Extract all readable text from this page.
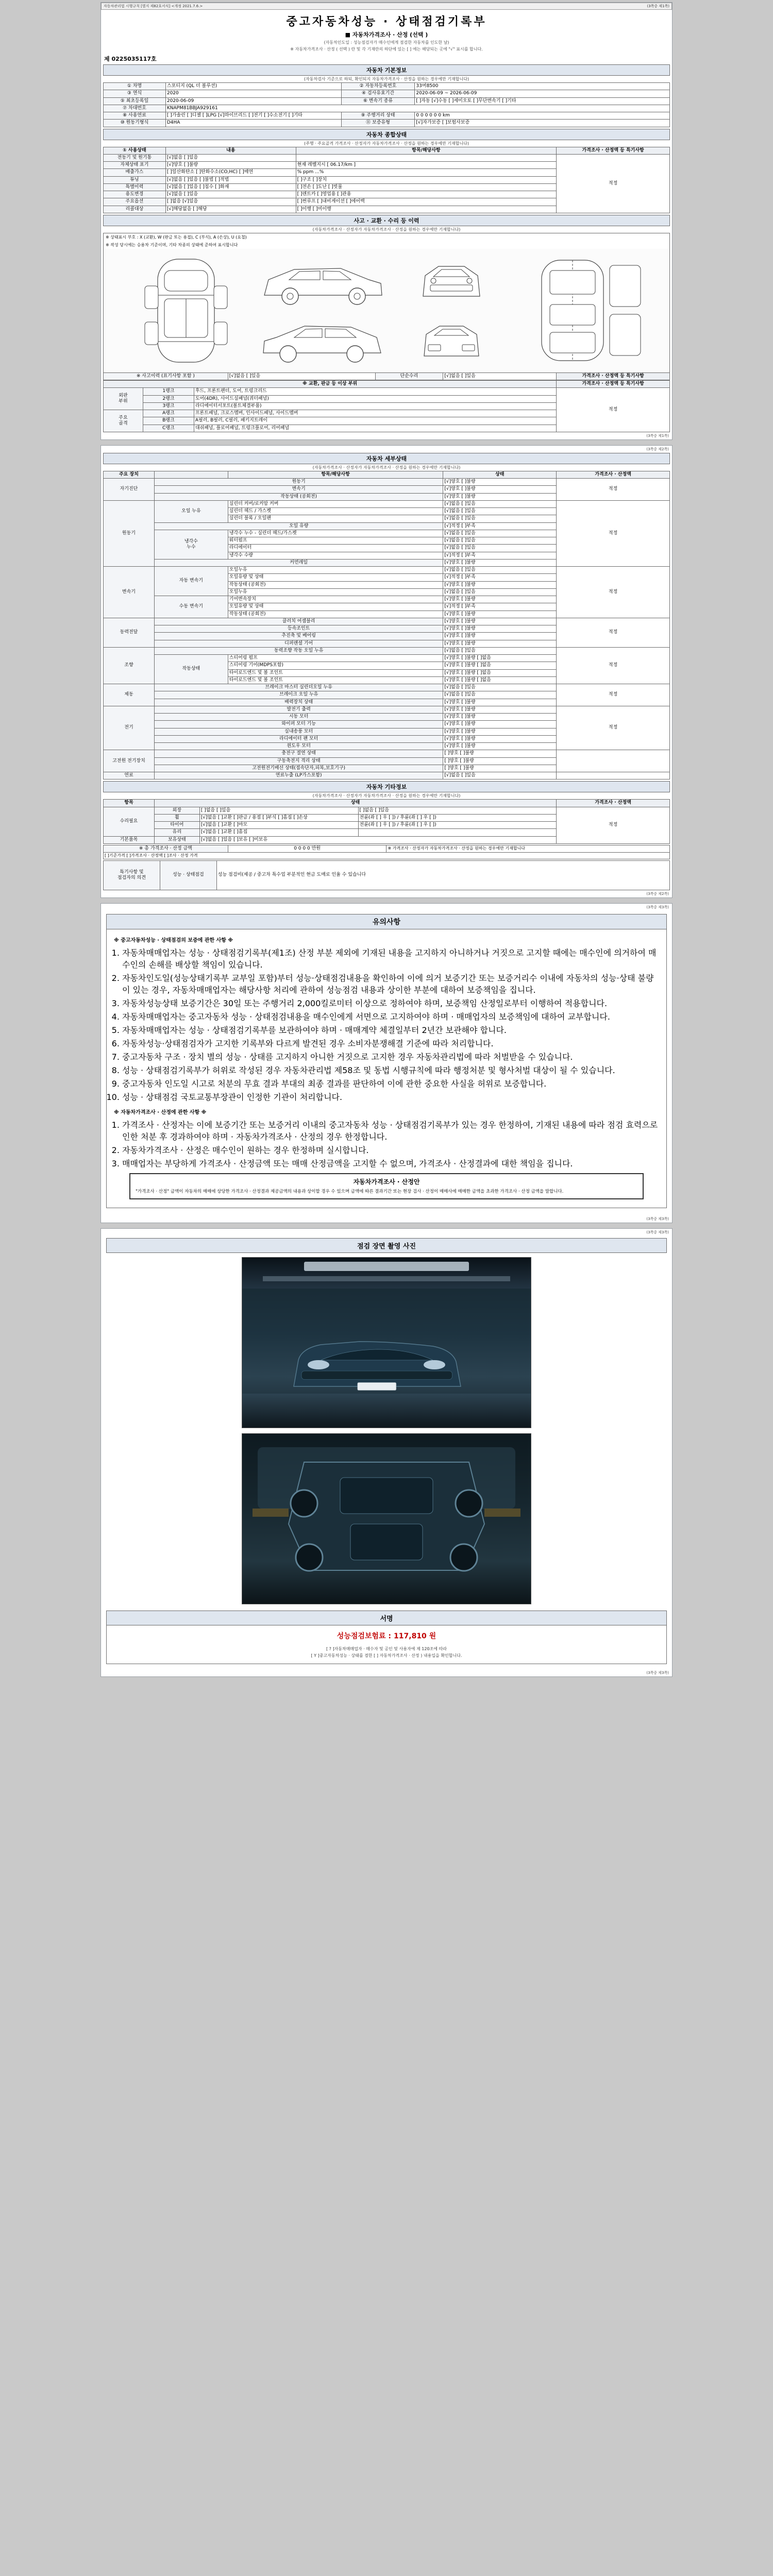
자동차관리법 시행규칙 [별지 제82호서식] <개정 2021.7.6.>	(3쪽중 제1쪽)
중고자동차성능 · 상태점검기록부
■ 자동차가격조사 · 산정 (선택 )
(자동차인도일 : 성능점검자가 매수인에게 점검한 자동차를 인도한 날)
※ 자동차가격조사 · 산정 ( 선택 ) 란 및 각 기재란의 하단에 있는 [ ] 에는 해당되는 곳에 "√" 표시를 합니다.
제 0225035117호
자동차 기본정보
(자동차검사 기준으로 하되, 확인되지 자동차가격조사 · 산정을 원하는 경우에만 기재합니다)
① 차명	스포티지 (QL 더 볼루션)	② 자동차등록번호	33머8500
③ 연식	2020	④ 검사유효기간	2020-06-09 ~ 2026-06-09
⑤ 최초등록일	2020-06-09	⑥ 변속기 종류	[ ]자동 [√]수동 [ ]세미오토 [ ]무단변속기 [ ]기타
⑦ 차대번호	KNAPM81BBJA929161		
⑧ 사용연료	[ ]가솔린 [ ]디젤 [ ]LPG [√]하이브리드 [ ]전기 [ ]수소전기 [ ]기타	⑨ 주행거리 상태	0 0 0 0 0 0 km
⑩ 원동기형식	D4HA	⑪ 보증유형	[√]자가보증 [ ]보험사보증
자동차 종합상태
(주행 · 주요골격 가격조사 · 산정자가 자동차가격조사 · 산정을 원하는 경우에만 기재합니다)
① 사용상태	내용	항목/해당사항	가격조사 · 산정액 등 특기사항
전동기 및 원기통	[√]없음 [ ]있음		적정
자체상태 표기	[√]양호 [ ]불량	현재 레벨지시 [ 06.17/km ]	
배출가스	[ ]일산화탄소 [ ]탄화수소(CO,HC) [ ]매연	% ppm ...%	
튜닝	[√]없음 [ ]있음 [ ]불법 [ ]적법	[ ]구조 [ ]장치	
특별이력	[√]없음 [ ]있음 [ ]침수 [ ]화재	[ ]전손 [ ]도난 [ ]빗물	
용도변경	[√]없음 [ ]있음	[ ]렌트카 [ ]영업용 [ ]관용	
주요옵션	[ ]없음 [√]있음	[ ]썬루프 [ ]내비게이션 [ ]에어백	
리콜대상	[√]해당없음 [ ]해당	[ ]이행 [ ]미이행	
사고 · 교환 · 수리 등 이력
(자동차가격조사 · 산정자가 자동차가격조사 · 산정을 원하는 경우에만 기재합니다)
※ 상태표시 부호 : X (교환), W (판금 또는 용접), C (부식), A (손상), U (요철)
※ 작성 당시에는 승용차 기준이며, 기타 차종의 상태에 준하여 표시합니다
※ 사고이력 (표기사항 포함 )	[√]없음 [ ]있음	단순수리	[√]없음 [ ]있음	가격조사 · 산정액 등 특기사항
※ 교환, 판금 등 이상 부위			가격조사 · 산정액 등 특기사항
외판
부위	1랭크	후드, 프론트팬더, 도어, 트렁크리드	적정
	2랭크	도어(4DR), 사이드실패널(쿼터패널)	
	3랭크	라디에이터서포트(볼트체결부품)	
주요
골격	A랭크	프론트패널, 크로스멤버, 인사이드패널, 사이드멤버	
	B랭크	A필러, B필러, C필러, 패키지트레이	
	C랭크	대쉬패널, 플로어패널, 트렁크플로어, 리어패널	
(3쪽중 제1쪽)
(3쪽중 제2쪽)
자동차 세부상태
(자동차가격조사 · 산정자가 자동차가격조사 · 산정을 원하는 경우에만 기재합니다)
주요 장치		항목/해당사항	상태	가격조사 · 산정액
자기진단	원동기		[√]양호 [ ]불량	적정
	변속기		[√]양호 [ ]불량	
	작동상태 (공회전)		[√]양호 [ ]불량	
원동기	오일 누유	실린더 커버/로커암 커버	[√]없음 [ ]있음	적정
		실린더 헤드 / 가스켓	[√]없음 [ ]있음	
		실린더 블록 / 오일팬	[√]없음 [ ]있음	
	오일 유량		[√]적정 [ ]부족	
	냉각수
누수	냉각수 누수 - 실린더 헤드/가스켓	[√]없음 [ ]있음	
		워터펌프	[√]없음 [ ]있음	
		라디에이터	[√]없음 [ ]있음	
		냉각수 수량	[√]적정 [ ]부족	
	커먼레일		[√]양호 [ ]불량	
변속기	자동 변속기	오일누유	[√]없음 [ ]있음	적정
		오일유량 및 상태	[√]적정 [ ]부족	
		작동상태 (공회전)	[√]양호 [ ]불량	
		오일누유	[√]없음 [ ]있음	
	수동 변속기	기어변속장치	[√]양호 [ ]불량	
		오일유량 및 상태	[√]적정 [ ]부족	
		작동상태 (공회전)	[√]양호 [ ]불량	
동력전달	클러치 어셈블리		[√]양호 [ ]불량	적정
	등속조인트		[√]양호 [ ]불량	
	추진축 및 베어링		[√]양호 [ ]불량	
	디퍼렌셜 기어		[√]양호 [ ]불량	
조향	동력조향 작동 오일 누유		[√]없음 [ ]있음	적정
	작동상태	스티어링 펌프	[√]양호 [ ]불량 [ ]없음	
		스티어링 기어(MDPS포함)	[√]양호 [ ]불량 [ ]없음	
		타이로드엔드 및 볼 조인트	[√]양호 [ ]불량 [ ]없음	
		타이로드엔드 및 볼 조인트	[√]양호 [ ]불량 [ ]없음	
제동	브레이크 마스터 실린더오일 누유		[√]없음 [ ]있음	적정
	브레이크 오일 누유		[√]없음 [ ]있음	
	배력장치 상태		[√]양호 [ ]불량	
전기	발전기 출력		[√]양호 [ ]불량	적정
	시동 모터		[√]양호 [ ]불량	
	와이퍼 모터 기능		[√]양호 [ ]불량	
	실내송풍 모터		[√]양호 [ ]불량	
	라디에이터 팬 모터		[√]양호 [ ]불량	
	윈도우 모터		[√]양호 [ ]불량	
고전원 전기장치	충전구 절연 상태		[ ]양호 [ ]불량	
	구동축전지 격리 상태		[ ]양호 [ ]불량	
	고전원전기배선 상태(접속단자,피복,보호기구)		[ ]양호 [ ]불량	
연료	연료누출 (LP가스포함)		[√]없음 [ ]있음	
자동차 기타정보
(자동차가격조사 · 산정자가 자동차가격조사 · 산정을 원하는 경우에만 기재합니다)
항목	상태			가격조사 · 산정액
수리필요	외장	[ ]없음 [ ]있음	[ ]없음 [ ]있음	적정
	휠	[√]없음 [ ]교환 [ ]판금 / 용접 [ ]부식 [ ]흠집 [ ]손상	전륜(좌 [ ] 우 [ ]) / 후륜(좌 [ ] 우 [ ])	
	타이어	[√]없음 [ ]교환 [ ]마모	전륜(좌 [ ] 우 [ ]) / 후륜(좌 [ ] 우 [ ])	
	유리	[√]없음 [ ]교환 [ ]흠집		
기본품목	보유상태	[√]없음 [ ]있음 [ ]보유 [ ]미보유		
※ 총 가격조사 · 산정 금액	0 0 0 0 만원	※ 가격조사 · 산정자가 자동차가격조사 · 산정을 원하는 경우에만 기재합니다
[ ]기준가격 [ ]가격조사 · 산정액 [ ]조사 · 산정 가격
특기사항 및
점검자의 의견	성능 · 상태점검	성능 점검비(제공 / 중고차 특수업 부분적인 현금 도매로 인율 수 있습니다
(3쪽중 제2쪽)
(3쪽중 제3쪽)
유의사항
※ 중고자동차성능 · 상태점검의 보증에 관한 사항 ※
1. 자동차매매업자는 성능 · 상태점검기록부(제1조) 산정 부분 제외에 기재된 내용을 고지하지 아니하거나 거짓으로 고지할 때에는 매수인에 의거하여 매수인의 손해를 배상할 책임이 있습니다.
2. 자동차인도일(성능상태기록부 교부일 포함)부터 성능·상태점검내용을 확인하여 이에 의거 보증기간 또는 보증거리수 이내에 자동차의 성능·상태 불량이 있는 경우, 자동차매매업자는 해당사항 처리에 관하여 성능점검 내용과 상이한 부분에 대하여 보증책임을 집니다.
3. 자동차성능상태 보증기간은 30일 또는 주행거리 2,000킬로미터 이상으로 정하여야 하며, 보증책임 산정일로부터 이행하여 적용합니다.
4. 자동차매매업자는 중고자동차 성능 · 상태점검내용을 매수인에게 서면으로 고지하여야 하며 · 매매업자의 보증책임에 대하여 교부합니다.
5. 자동차매매업자는 성능 · 상태점검기록부를 보관하여야 하며 · 매매계약 체결일부터 2년간 보관해야 합니다.
6. 자동차성능·상태점검자가 고지한 기록부와 다르게 발견된 경우 소비자분쟁해결 기준에 따라 처리합니다.
7. 중고자동차 구조 · 장치 별의 성능 · 상태를 고지하지 아니한 거짓으로 고지한 경우 자동차관리법에 따라 처벌받을 수 있습니다.
8. 성능 · 상태점검기록부가 허위로 작성된 경우 자동차관리법 제58조 및 동법 시행규칙에 따라 행정처분 및 형사처벌 대상이 될 수 있습니다.
9. 중고자동차 인도일 시고로 처분의 무효 결과 부대의 최종 결과를 판단하여 이에 관한 중요한 사실을 허위로 보증합니다.
10. 성능 · 상태점검 국토교통부장관이 인정한 기관이 처리합니다.
※ 자동차가격조사 · 산정에 관한 사항 ※
1. 가격조사 · 산정자는 이에 보증기간 또는 보증거리 이내의 중고자동차 성능 · 상태점검기록부가 있는 경우 한정하여, 기재된 내용에 따라 점검 효력으로 인한 처분 후 경과하여야 하며 · 자동차가격조사 · 산정의 경우 한정합니다.
2. 자동차가격조사 · 산정은 매수인이 원하는 경우 한정하며 실시합니다.
3. 매매업자는 부당하게 가격조사 · 산정금액 또는 매매 산정금액을 고지할 수 없으며, 가격조사 · 산정결과에 대한 책임을 집니다.
자동차가격조사 · 산정안
"가격조사 · 산정" 금액이 자동차의 매매에 상당한 가격조사 · 산정결과 제공금액의 내용과 상이할 경우 수 있으며 금액에 따른 결과기간 또는 현장 검사 · 산정이 매매사에 매매한 금액을 초과한 가격조사 · 산정 금액을 말합니다.
(3쪽중 제3쪽)
(3쪽중 제3쪽)
점검 장면 촬영 사진
서명
성능점검보험료 : 117,810 원
[ ? ]자동차매매업자 · 매수자 및 공인 및 사용자에 제 120조에 따라
[ Y ]중고자동차성능 · 상태를 겸한 [ ] 자동차가격조사 · 산정 ) 내용입을 확인합니다.
(3쪽중 제3쪽)
